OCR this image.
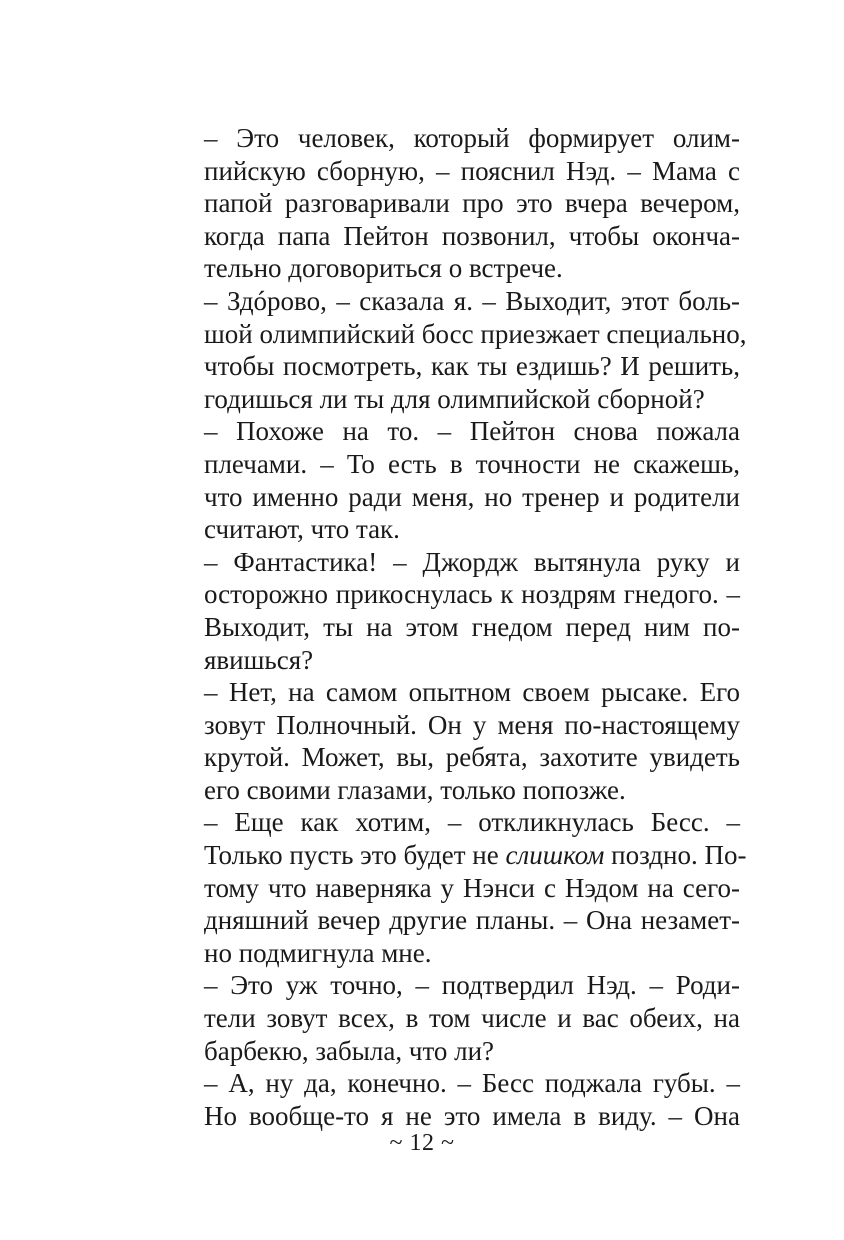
– Это человек, который формирует олим-
пийскую сборную, – пояснил Нэд. – Мама с
папой разговаривали про это вчера вечером,
когда папа Пейтон позвонил, чтобы оконча-
тельно договориться о встрече.

– Здóрово, – сказала я. – Выходит, этот боль-
шой олимпийский босс приезжает специально,
чтобы посмотреть, как ты ездишь? И решить,
годишься ли ты для олимпийской сборной?

– Похоже на то. – Пейтон снова пожала
плечами. – То есть в точности не скажешь,
что именно ради меня, но тренер и родители
считают, что так.

– Фантастика! – Джордж вытянула руку и
осторожно прикоснулась к ноздрям гнедого. –
Выходит, ты на этом гнедом перед ним по-
явишься?

– Нет, на самом опытном своем рысаке. Его
зовут Полночный. Он у меня по-настоящему
крутой. Может, вы, ребята, захотите увидеть
его своими глазами, только попозже.

– Еще как хотим, – откликнулась Бесс. –
Только пусть это будет не слишком поздно. По-
тому что наверняка у Нэнси с Нэдом на сего-
дняшний вечер другие планы. – Она незамет-
но подмигнула мне.

– Это уж точно, – подтвердил Нэд. – Роди-
тели зовут всех, в том числе и вас обеих, на
барбекю, забыла, что ли?

– А, ну да, конечно. – Бесс поджала губы. –
Но вообще-то я не это имела в виду. – Она

~ 12 ~
